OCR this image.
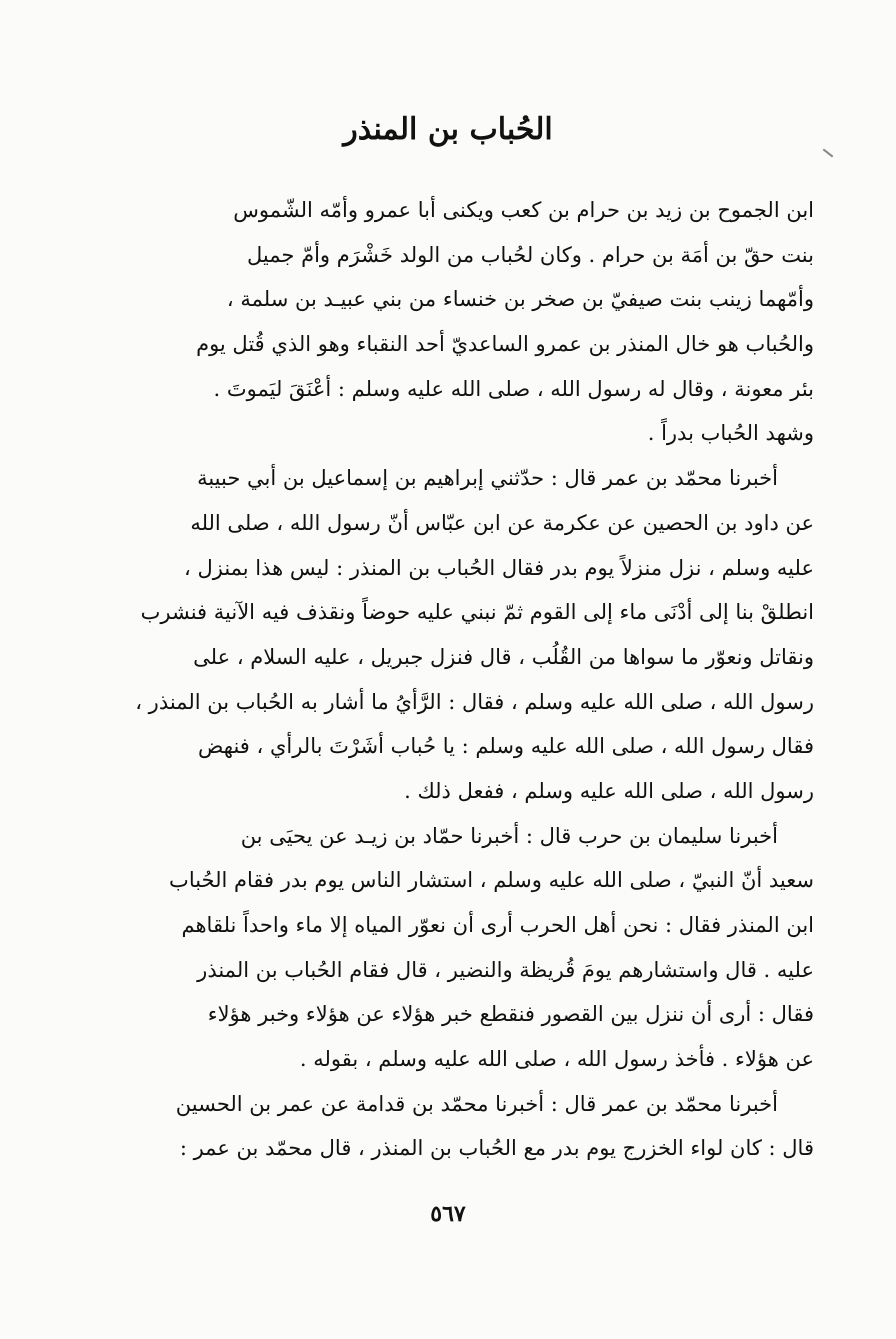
الحُباب بن المنذر
ابن الجموح بن زيد بن حرام بن كعب ويكنى أبا عمرو وأمّه الشّموس
بنت حقّ بن أمَة بن حرام . وكان لحُباب من الولد خَشْرَم وأمّ جميل
وأمّهما زينب بنت صيفيّ بن صخر بن خنساء من بني عبيـد بن سلمة ،
والحُباب هو خال المنذر بن عمرو الساعديّ أحد النقباء وهو الذي قُتل يوم
بئر معونة ، وقال له رسول الله ، صلى الله عليه وسلم : أعْنَقَ ليَموتَ .
وشهد الحُباب بدراً .
أخبرنا محمّد بن عمر قال : حدّثني إبراهيم بن إسماعيل بن أبي حبيبة
عن داود بن الحصين عن عكرمة عن ابن عبّاس أنّ رسول الله ، صلى الله
عليه وسلم ، نزل منزلاً يوم بدر فقال الحُباب بن المنذر : ليس هذا بمنزل ،
انطلقْ بنا إلى أدْنَى ماء إلى القوم ثمّ نبني عليه حوضاً ونقذف فيه الآنية فنشرب
ونقاتل ونعوّر ما سواها من القُلُب ، قال فنزل جبريل ، عليه السلام ، على
رسول الله ، صلى الله عليه وسلم ، فقال : الرَّأيُ ما أشار به الحُباب بن المنذر ،
فقال رسول الله ، صلى الله عليه وسلم : يا حُباب أشَرْتَ بالرأي ، فنهض
رسول الله ، صلى الله عليه وسلم ، ففعل ذلك .
أخبرنا سليمان بن حرب قال : أخبرنا حمّاد بن زيـد عن يحيَى بن
سعيد أنّ النبيّ ، صلى الله عليه وسلم ، استشار الناس يوم بدر فقام الحُباب
ابن المنذر فقال : نحن أهل الحرب أرى أن نعوّر المياه إلا ماء واحداً نلقاهم
عليه . قال واستشارهم يومَ قُريظة والنضير ، قال فقام الحُباب بن المنذر
فقال : أرى أن ننزل بين القصور فنقطع خبر هؤلاء عن هؤلاء وخبر هؤلاء
عن هؤلاء . فأخذ رسول الله ، صلى الله عليه وسلم ، بقوله .
أخبرنا محمّد بن عمر قال : أخبرنا محمّد بن قدامة عن عمر بن الحسين
قال : كان لواء الخزرج يوم بدر مع الحُباب بن المنذر ، قال محمّد بن عمر :
٥٦٧
